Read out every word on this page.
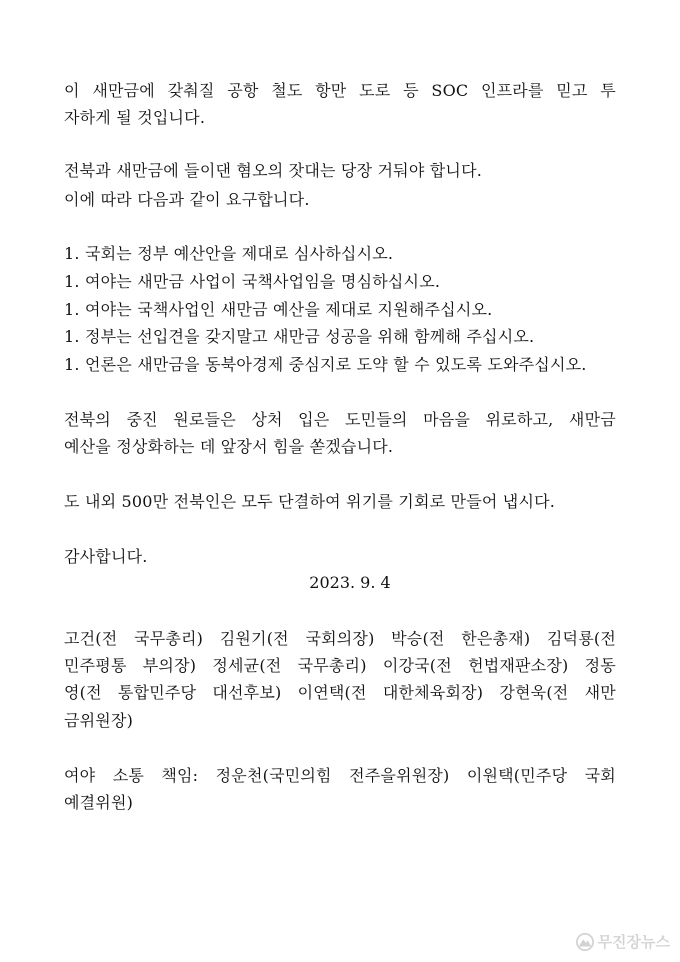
이 새만금에 갖춰질 공항 철도 항만 도로 등 SOC 인프라를 믿고 투
자하게 될 것입니다.
전북과 새만금에 들이댄 혐오의 잣대는 당장 거둬야 합니다.
이에 따라 다음과 같이 요구합니다.
1. 국회는 정부 예산안을 제대로 심사하십시오.
1. 여야는 새만금 사업이 국책사업임을 명심하십시오.
1. 여야는 국책사업인 새만금 예산을 제대로 지원해주십시오.
1. 정부는 선입견을 갖지말고 새만금 성공을 위해 함께해 주십시오.
1. 언론은 새만금을 동북아경제 중심지로 도약 할 수 있도록 도와주십시오.
전북의 중진 원로들은 상처 입은 도민들의 마음을 위로하고, 새만금
예산을 정상화하는 데 앞장서 힘을 쏟겠습니다.
도 내외 500만 전북인은 모두 단결하여 위기를 기회로 만들어 냅시다.
감사합니다.
2023. 9. 4
고건(전 국무총리) 김원기(전 국회의장) 박승(전 한은총재) 김덕룡(전
민주평통 부의장) 정세균(전 국무총리) 이강국(전 헌법재판소장) 정동
영(전 통합민주당 대선후보) 이연택(전 대한체육회장) 강현욱(전 새만
금위원장)
여야 소통 책임: 정운천(국민의힘 전주을위원장) 이원택(민주당 국회
예결위원)
무진장뉴스
